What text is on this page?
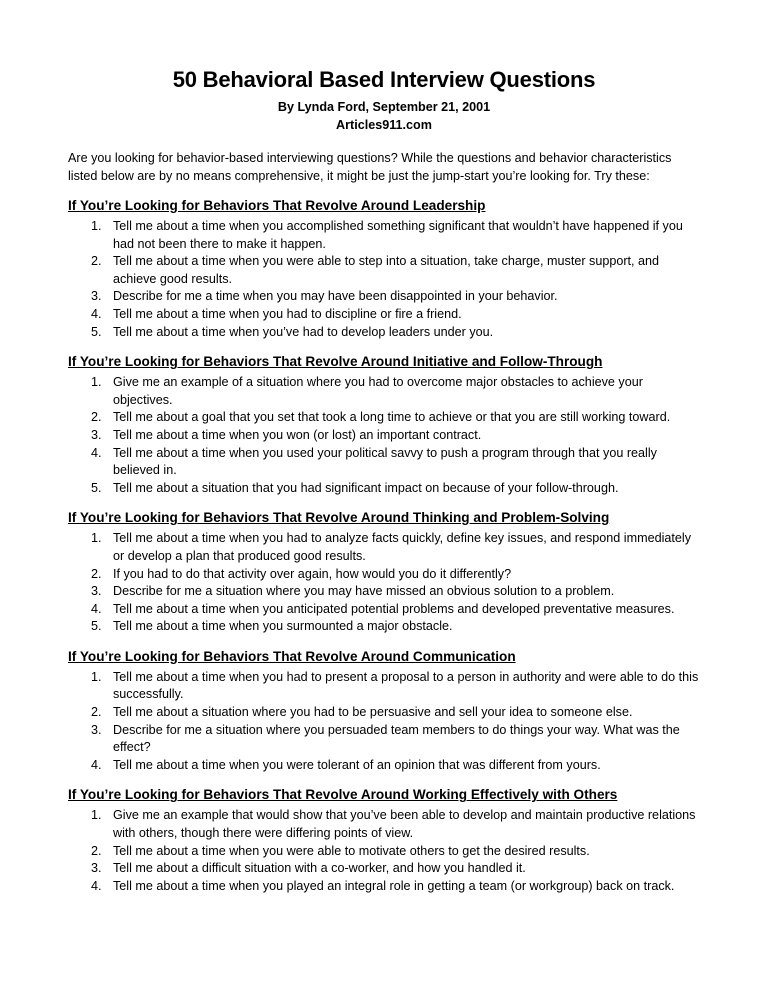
50 Behavioral Based Interview Questions

By Lynda Ford, September 21, 2001

Articles911.com

Are you looking for behavior-based interviewing questions? While the questions and behavior characteristics listed below are by no means comprehensive, it might be just the jump-start you’re looking for. Try these:

If You’re Looking for Behaviors That Revolve Around Leadership
1. Tell me about a time when you accomplished something significant that wouldn’t have happened if you had not been there to make it happen.
2. Tell me about a time when you were able to step into a situation, take charge, muster support, and achieve good results.
3. Describe for me a time when you may have been disappointed in your behavior.
4. Tell me about a time when you had to discipline or fire a friend.
5. Tell me about a time when you’ve had to develop leaders under you.
If You’re Looking for Behaviors That Revolve Around Initiative and Follow-Through
1. Give me an example of a situation where you had to overcome major obstacles to achieve your objectives.
2. Tell me about a goal that you set that took a long time to achieve or that you are still working toward.
3. Tell me about a time when you won (or lost) an important contract.
4. Tell me about a time when you used your political savvy to push a program through that you really believed in.
5. Tell me about a situation that you had significant impact on because of your follow-through.
If You’re Looking for Behaviors That Revolve Around Thinking and Problem-Solving
1. Tell me about a time when you had to analyze facts quickly, define key issues, and respond immediately or develop a plan that produced good results.
2. If you had to do that activity over again, how would you do it differently?
3. Describe for me a situation where you may have missed an obvious solution to a problem.
4. Tell me about a time when you anticipated potential problems and developed preventative measures.
5. Tell me about a time when you surmounted a major obstacle.
If You’re Looking for Behaviors That Revolve Around Communication
1. Tell me about a time when you had to present a proposal to a person in authority and were able to do this successfully.
2. Tell me about a situation where you had to be persuasive and sell your idea to someone else.
3. Describe for me a situation where you persuaded team members to do things your way. What was the effect?
4. Tell me about a time when you were tolerant of an opinion that was different from yours.
If You’re Looking for Behaviors That Revolve Around Working Effectively with Others
1. Give me an example that would show that you’ve been able to develop and maintain productive relations with others, though there were differing points of view.
2. Tell me about a time when you were able to motivate others to get the desired results.
3. Tell me about a difficult situation with a co-worker, and how you handled it.
4. Tell me about a time when you played an integral role in getting a team (or workgroup) back on track.
